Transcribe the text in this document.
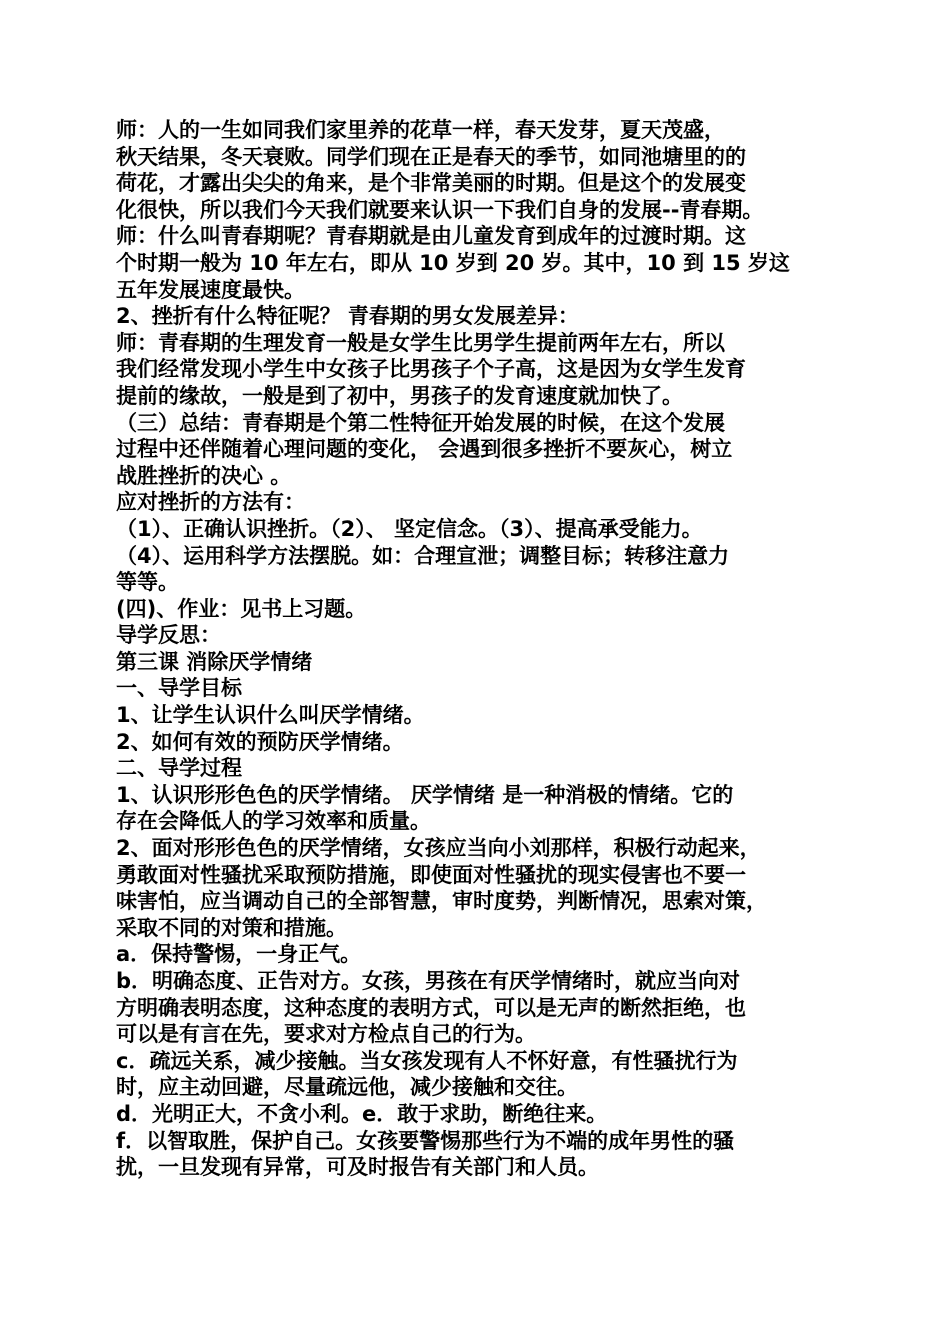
师：人的一生如同我们家里养的花草一样，春天发芽，夏天茂盛，
秋天结果，冬天衰败。同学们现在正是春天的季节，如同池塘里的的
荷花，才露出尖尖的角来，是个非常美丽的时期。但是这个的发展变
化很快，所以我们今天我们就要来认识一下我们自身的发展--青春期。
师：什么叫青春期呢？青春期就是由儿童发育到成年的过渡时期。这
个时期一般为 10 年左右，即从 10 岁到 20 岁。其中，10 到 15 岁这
五年发展速度最快。
2、挫折有什么特征呢？ 青春期的男女发展差异：
师：青春期的生理发育一般是女学生比男学生提前两年左右，所以
我们经常发现小学生中女孩子比男孩子个子高，这是因为女学生发育
提前的缘故，一般是到了初中，男孩子的发育速度就加快了。
（三）总结：青春期是个第二性特征开始发展的时候，在这个发展
过程中还伴随着心理问题的变化， 会遇到很多挫折不要灰心，树立
战胜挫折的决心 。
应对挫折的方法有：
（1）、正确认识挫折。（2）、 坚定信念。（3）、提高承受能力。
（4）、运用科学方法摆脱。如：合理宣泄；调整目标；转移注意力
等等。
(四)、作业：见书上习题。
导学反思：
第三课 消除厌学情绪
一、导学目标
1、让学生认识什么叫厌学情绪。
2、如何有效的预防厌学情绪。
二、导学过程
1、认识形形色色的厌学情绪。 厌学情绪 是一种消极的情绪。它的
存在会降低人的学习效率和质量。
2、面对形形色色的厌学情绪，女孩应当向小刘那样，积极行动起来，
勇敢面对性骚扰采取预防措施，即使面对性骚扰的现实侵害也不要一
味害怕，应当调动自己的全部智慧，审时度势，判断情况，思索对策，
采取不同的对策和措施。
a．保持警惕，一身正气。
b．明确态度、正告对方。女孩，男孩在有厌学情绪时，就应当向对
方明确表明态度，这种态度的表明方式，可以是无声的断然拒绝，也
可以是有言在先，要求对方检点自己的行为。
c．疏远关系，减少接触。当女孩发现有人不怀好意，有性骚扰行为
时，应主动回避，尽量疏远他，减少接触和交往。
d．光明正大，不贪小利。e．敢于求助，断绝往来。
f．以智取胜，保护自己。女孩要警惕那些行为不端的成年男性的骚
扰，一旦发现有异常，可及时报告有关部门和人员。
